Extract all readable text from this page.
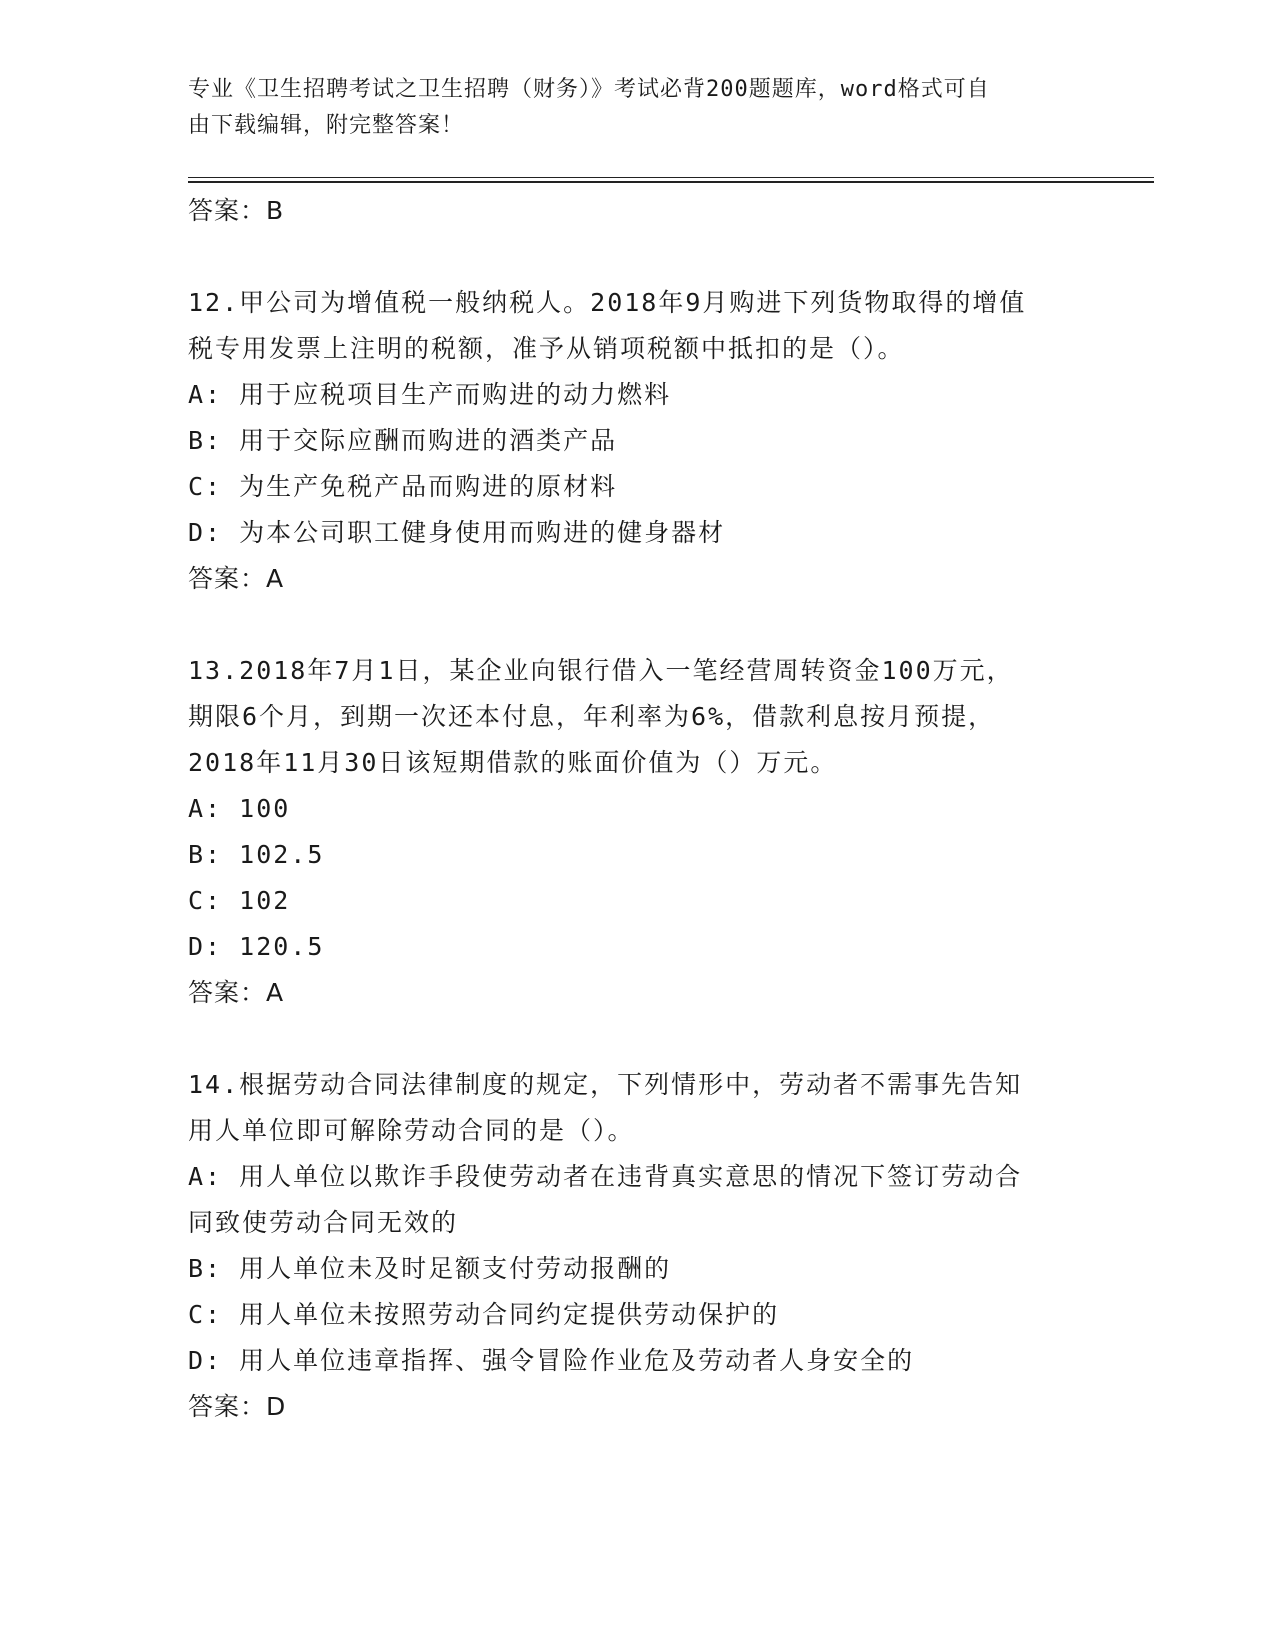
专业《卫生招聘考试之卫生招聘（财务）》考试必背200题题库，word格式可自
由下载编辑，附完整答案！
答案：B
12.甲公司为增值税一般纳税人。2018年9月购进下列货物取得的增值
税专用发票上注明的税额，准予从销项税额中抵扣的是（）。
A: 用于应税项目生产而购进的动力燃料
B: 用于交际应酬而购进的酒类产品
C: 为生产免税产品而购进的原材料
D: 为本公司职工健身使用而购进的健身器材
答案：A
13.2018年7月1日，某企业向银行借入一笔经营周转资金100万元，
期限6个月，到期一次还本付息，年利率为6%，借款利息按月预提，
2018年11月30日该短期借款的账面价值为（）万元。
A: 100
B: 102.5
C: 102
D: 120.5
答案：A
14.根据劳动合同法律制度的规定，下列情形中，劳动者不需事先告知
用人单位即可解除劳动合同的是（）。
A: 用人单位以欺诈手段使劳动者在违背真实意思的情况下签订劳动合
同致使劳动合同无效的
B: 用人单位未及时足额支付劳动报酬的
C: 用人单位未按照劳动合同约定提供劳动保护的
D: 用人单位违章指挥、强令冒险作业危及劳动者人身安全的
答案：D
